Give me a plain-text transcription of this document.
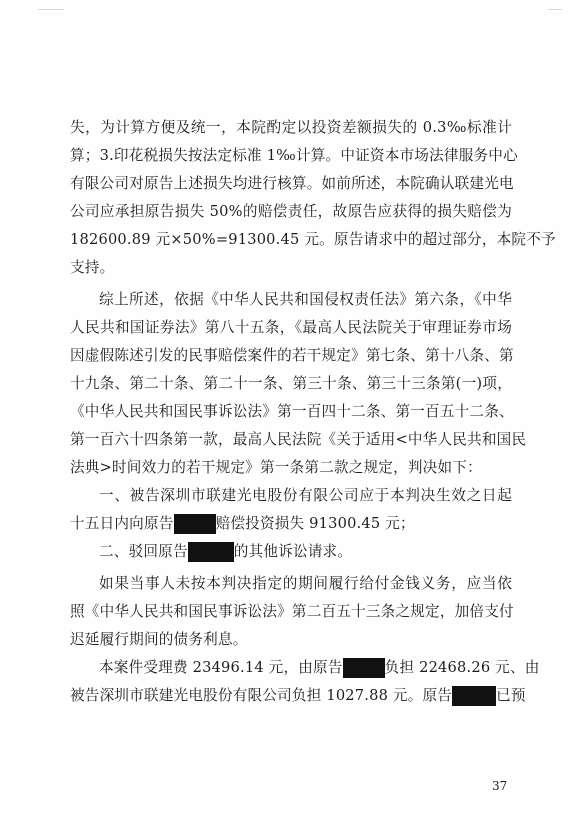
失，为计算方便及统一，本院酌定以投资差额损失的 0.3‰标准计
算；3.印花税损失按法定标准 1‰计算。中证资本市场法律服务中心
有限公司对原告上述损失均进行核算。如前所述，本院确认联建光电
公司应承担原告损失 50%的赔偿责任，故原告应获得的损失赔偿为
182600.89 元×50%=91300.45 元。原告请求中的超过部分，本院不予
支持。
综上所述，依据《中华人民共和国侵权责任法》第六条，《中华
人民共和国证券法》第八十五条，《最高人民法院关于审理证券市场
因虚假陈述引发的民事赔偿案件的若干规定》第七条、第十八条、第
十九条、第二十条、第二十一条、第三十条、第三十三条第(一)项，
《中华人民共和国民事诉讼法》第一百四十二条、第一百五十二条、
第一百六十四条第一款，最高人民法院《关于适用<中华人民共和国民
法典>时间效力的若干规定》第一条第二款之规定，判决如下：
一、被告深圳市联建光电股份有限公司应于本判决生效之日起
十五日内向原告	赔偿投资损失 91300.45 元；
二、驳回原告	的其他诉讼请求。
如果当事人未按本判决指定的期间履行给付金钱义务，应当依
照《中华人民共和国民事诉讼法》第二百五十三条之规定，加倍支付
迟延履行期间的债务利息。
本案件受理费 23496.14 元，由原告	负担 22468.26 元、由
被告深圳市联建光电股份有限公司负担 1027.88 元。原告	已预
37
